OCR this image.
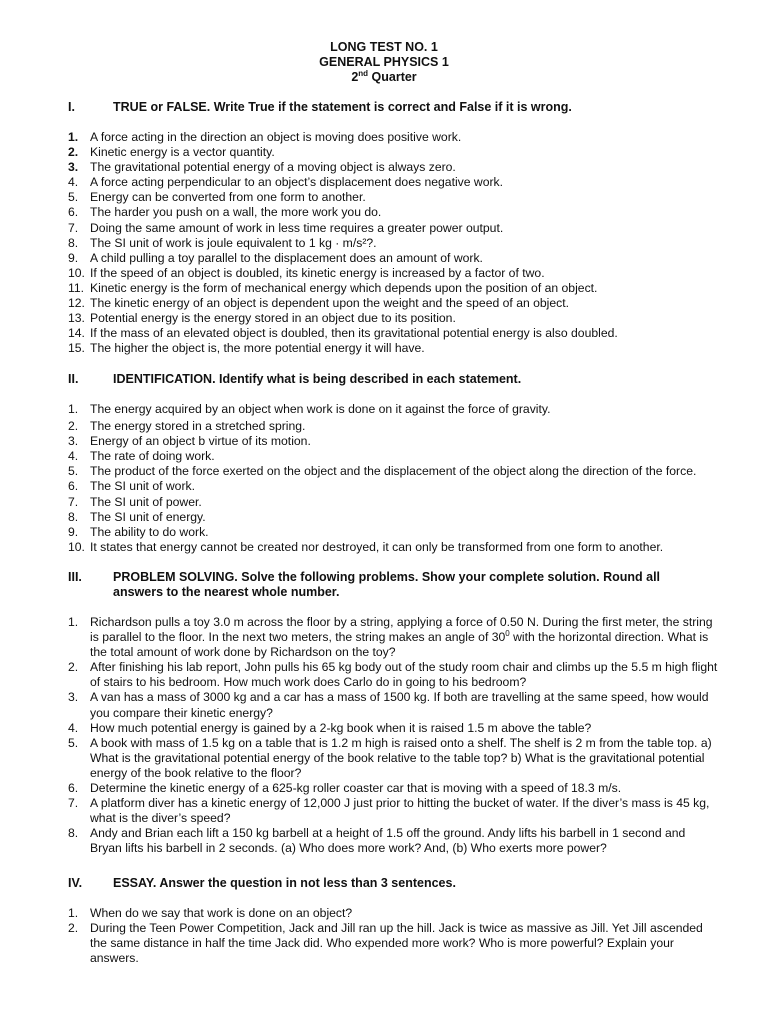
LONG TEST NO. 1
GENERAL PHYSICS 1
2nd Quarter
I.	TRUE or FALSE. Write True if the statement is correct and False if it is wrong.
1. A force acting in the direction an object is moving does positive work.
2. Kinetic energy is a vector quantity.
3. The gravitational potential energy of a moving object is always zero.
4. A force acting perpendicular to an object’s displacement does negative work.
5. Energy can be converted from one form to another.
6. The harder you push on a wall, the more work you do.
7. Doing the same amount of work in less time requires a greater power output.
8. The SI unit of work is joule equivalent to 1 kg · m/s²?.
9. A child pulling a toy parallel to the displacement does an amount of work.
10. If the speed of an object is doubled, its kinetic energy is increased by a factor of two.
11. Kinetic energy is the form of mechanical energy which depends upon the position of an object.
12. The kinetic energy of an object is dependent upon the weight and the speed of an object.
13. Potential energy is the energy stored in an object due to its position.
14. If the mass of an elevated object is doubled, then its gravitational potential energy is also doubled.
15. The higher the object is, the more potential energy it will have.
II.	IDENTIFICATION. Identify what is being described in each statement.
1. The energy acquired by an object when work is done on it against the force of gravity.
2. The energy stored in a stretched spring.
3. Energy of an object b virtue of its motion.
4. The rate of doing work.
5. The product of the force exerted on the object and the displacement of the object along the direction of the force.
6. The SI unit of work.
7. The SI unit of power.
8. The SI unit of energy.
9. The ability to do work.
10. It states that energy cannot be created nor destroyed, it can only be transformed from one form to another.
III. PROBLEM SOLVING. Solve the following problems. Show your complete solution. Round all answers to the nearest whole number.
1. Richardson pulls a toy 3.0 m across the floor by a string, applying a force of 0.50 N. During the first meter, the string is parallel to the floor. In the next two meters, the string makes an angle of $30^0$ with the horizontal direction. What is the total amount of work done by Richardson on the toy?
2. After finishing his lab report, John pulls his 65 kg body out of the study room chair and climbs up the 5.5 m high flight of stairs to his bedroom. How much work does Carlo do in going to his bedroom?
3. A van has a mass of 3000 kg and a car has a mass of 1500 kg. If both are travelling at the same speed, how would you compare their kinetic energy?
4. How much potential energy is gained by a 2-kg book when it is raised 1.5 m above the table?
5. A book with mass of 1.5 kg on a table that is 1.2 m high is raised onto a shelf. The shelf is 2 m from the table top. a) What is the gravitational potential energy of the book relative to the table top? b) What is the gravitational potential energy of the book relative to the floor?
6. Determine the kinetic energy of a 625-kg roller coaster car that is moving with a speed of 18.3 m/s.
7. A platform diver has a kinetic energy of 12,000 J just prior to hitting the bucket of water. If the diver’s mass is 45 kg, what is the diver’s speed?
8. Andy and Brian each lift a 150 kg barbell at a height of 1.5 off the ground. Andy lifts his barbell in 1 second and Bryan lifts his barbell in 2 seconds. (a) Who does more work? And, (b) Who exerts more power?
IV. ESSAY. Answer the question in not less than 3 sentences.
1. When do we say that work is done on an object?
2. During the Teen Power Competition, Jack and Jill ran up the hill. Jack is twice as massive as Jill. Yet Jill ascended the same distance in half the time Jack did. Who expended more work? Who is more powerful? Explain your answers.
